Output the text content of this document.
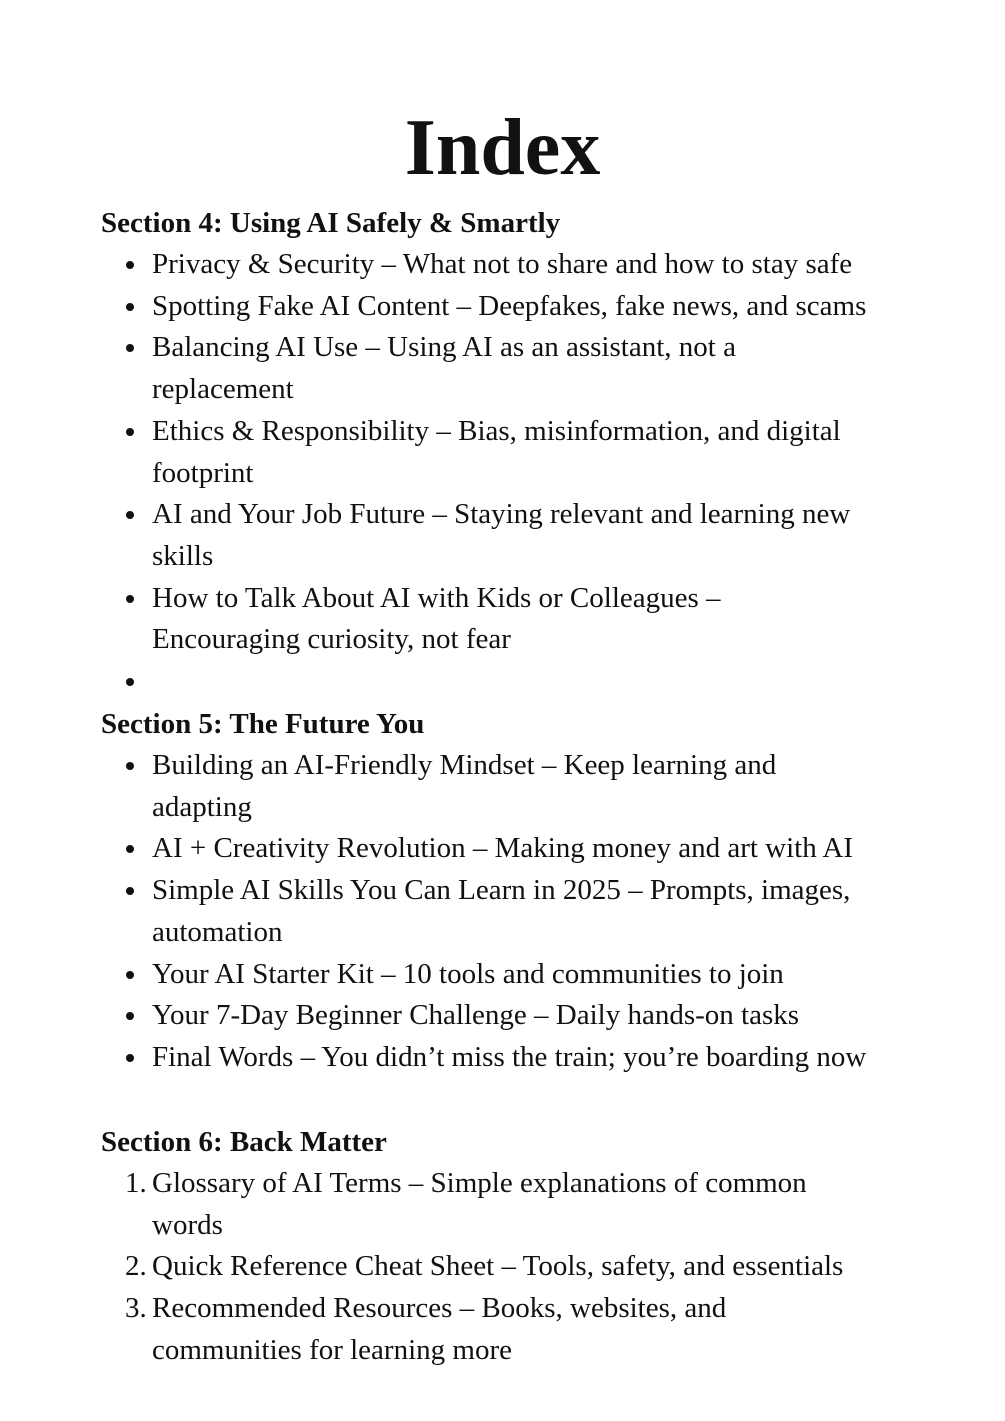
Index
Section 4: Using AI Safely & Smartly
Privacy & Security – What not to share and how to stay safe
Spotting Fake AI Content – Deepfakes, fake news, and scams
Balancing AI Use – Using AI as an assistant, not a replacement
Ethics & Responsibility – Bias, misinformation, and digital footprint
AI and Your Job Future – Staying relevant and learning new skills
How to Talk About AI with Kids or Colleagues – Encouraging curiosity, not fear
Section 5: The Future You
Building an AI-Friendly Mindset – Keep learning and adapting
AI + Creativity Revolution – Making money and art with AI
Simple AI Skills You Can Learn in 2025 – Prompts, images, automation
Your AI Starter Kit – 10 tools and communities to join
Your 7-Day Beginner Challenge – Daily hands-on tasks
Final Words – You didn’t miss the train; you’re boarding now
Section 6: Back Matter
1. Glossary of AI Terms – Simple explanations of common words
2. Quick Reference Cheat Sheet – Tools, safety, and essentials
3. Recommended Resources – Books, websites, and communities for learning more
